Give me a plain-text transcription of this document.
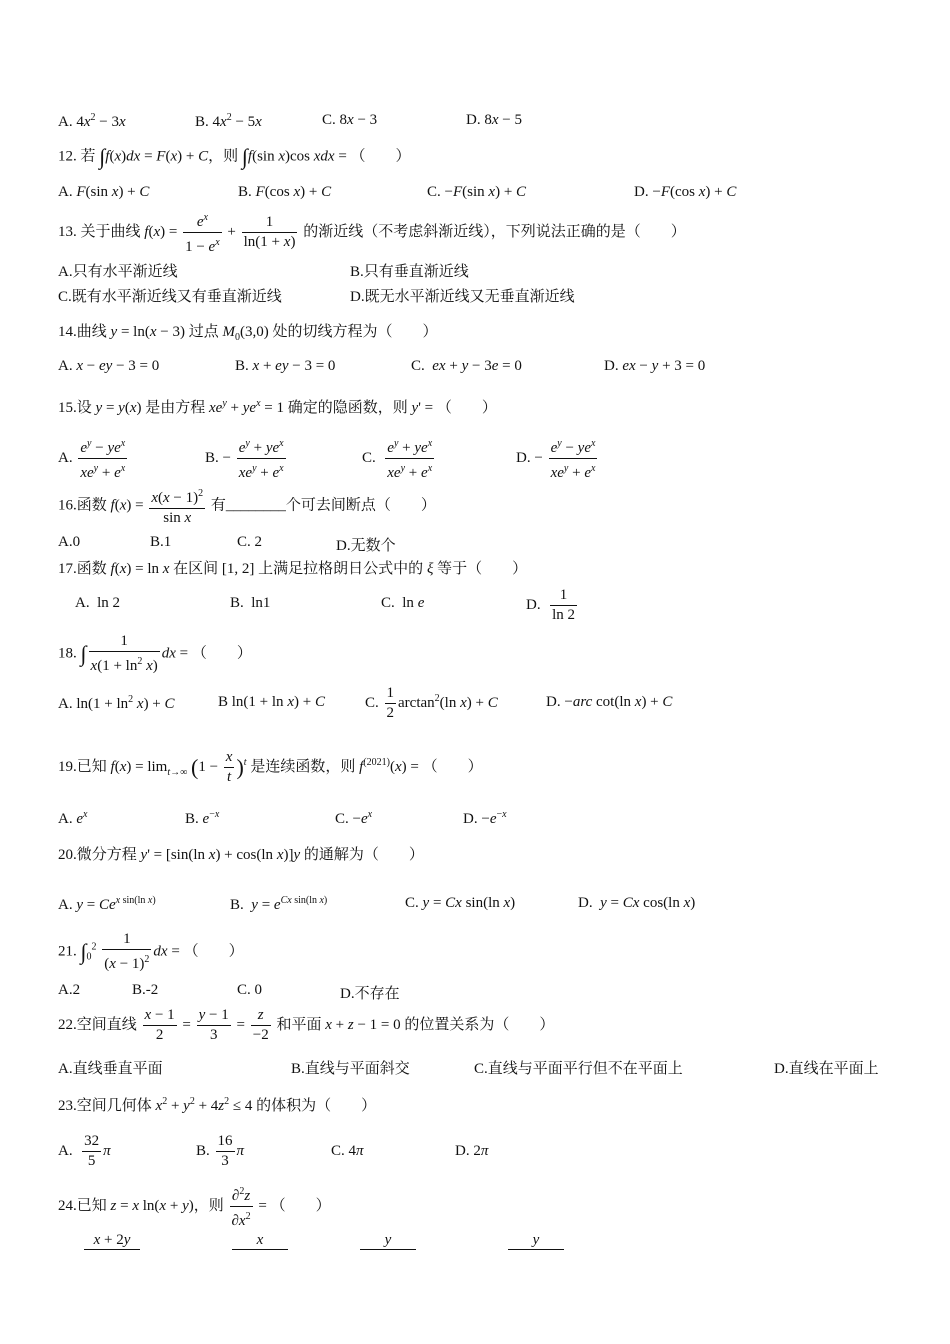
A. $4x^2 - 3x$	B. $4x^2 - 5x$	C. 8x − 3	D. 8x − 5
12. 若 ∫f(x)dx = F(x) + C，则 ∫f(sin x)cos xdx = （　　）
A. F(sin x) + C	B. F(cos x) + C	C. −F(sin x) + C	D. −F(cos x) + C
13. 关于曲线 $f(x) = \frac{e^x}{1 - e^x} + \frac{1}{\ln(1 + x)}$ 的渐近线（不考虑斜渐近线），下列说法正确的是（　　）
A.只有水平渐近线	B.只有垂直渐近线
C.既有水平渐近线又有垂直渐近线	D.既无水平渐近线又无垂直渐近线
14.曲线 y = ln(x − 3) 过点 $M_0(3,0)$ 处的切线方程为（　　）
A. x − ey − 3 = 0	B. x + ey − 3 = 0	C. ex + y − 3e = 0	D. ex − y + 3 = 0
15.设 y = y(x) 是由方程 $xe^y + ye^x = 1$ 确定的隐函数，则 y' = （　　）
A. $\frac{e^y - ye^x}{xe^y + e^x}$	B. − $\frac{e^y + ye^x}{xe^y + e^x}$	C. $\frac{e^y + ye^x}{xe^y + e^x}$	D. − $\frac{e^y - ye^x}{xe^y + e^x}$
16.函数 $f(x) = \frac{x(x - 1)^2}{\text{sin x}}$ 有________个可去间断点（　　）
A.0	B.1	C. 2	D.无数个
17.函数 f(x) = ln x 在区间 [1, 2] 上满足拉格朗日公式中的 ξ 等于（　　）
A.  ln 2	B.  ln1	C.  ln e	D. $\frac{1}{\ln 2}$
18. ∫ $\frac{1}{x(1 + \ln^2 x)}$ dx = （　　）
A. $\ln(1 + \ln^2 x) + C$	B ln(1 + ln x) + C	C. $\frac{1}{2} \arctan^2(\ln$ x) + C	D. −arc cot(ln x) + C
19.已知 $f(x) = \lim_{t\to\infty} (1 - \frac{x}{t} )^t$ 是连续函数，则 $f^{(2021)}(x)$ = （　　）
A. $e^x$	B. $e^{-x}$	C. $-e^x$	D. $-e^{-x}$
20.微分方程 y' = [sin(ln x) + cos(ln x)]y 的通解为（　　）
A. $y = Ce^{x sin(ln x)}$	B. $y = e^{Cx sin(ln x)}$	C. y = Cx sin(ln x)	D. y = Cx cos(ln x)
21. $\int_0^2 \frac{1}{(x - 1)^2}$ dx = （　　）
A.2	B.-2	C. 0	D.不存在
22.空间直线 $\frac{x - 1}{2} = \frac{y - 1}{3} = \frac{z}{-2}$ 和平面 x + z − 1 = 0 的位置关系为（　　）
A.直线垂直平面	B.直线与平面斜交	C.直线与平面平行但不在平面上	D.直线在平面上
23.空间几何体 $x^2 + y^2 + 4z^2 \le 4$ 的体积为（　　）
A. $\frac{32}{5}$ π	B. $\frac{16}{3}$ π	C. 4π	D. 2π
24.已知 z = x ln(x + y)，则 $\frac{\partial^2z}{\partial x^2}$ = （　　）
x + 2y	x	y	y
